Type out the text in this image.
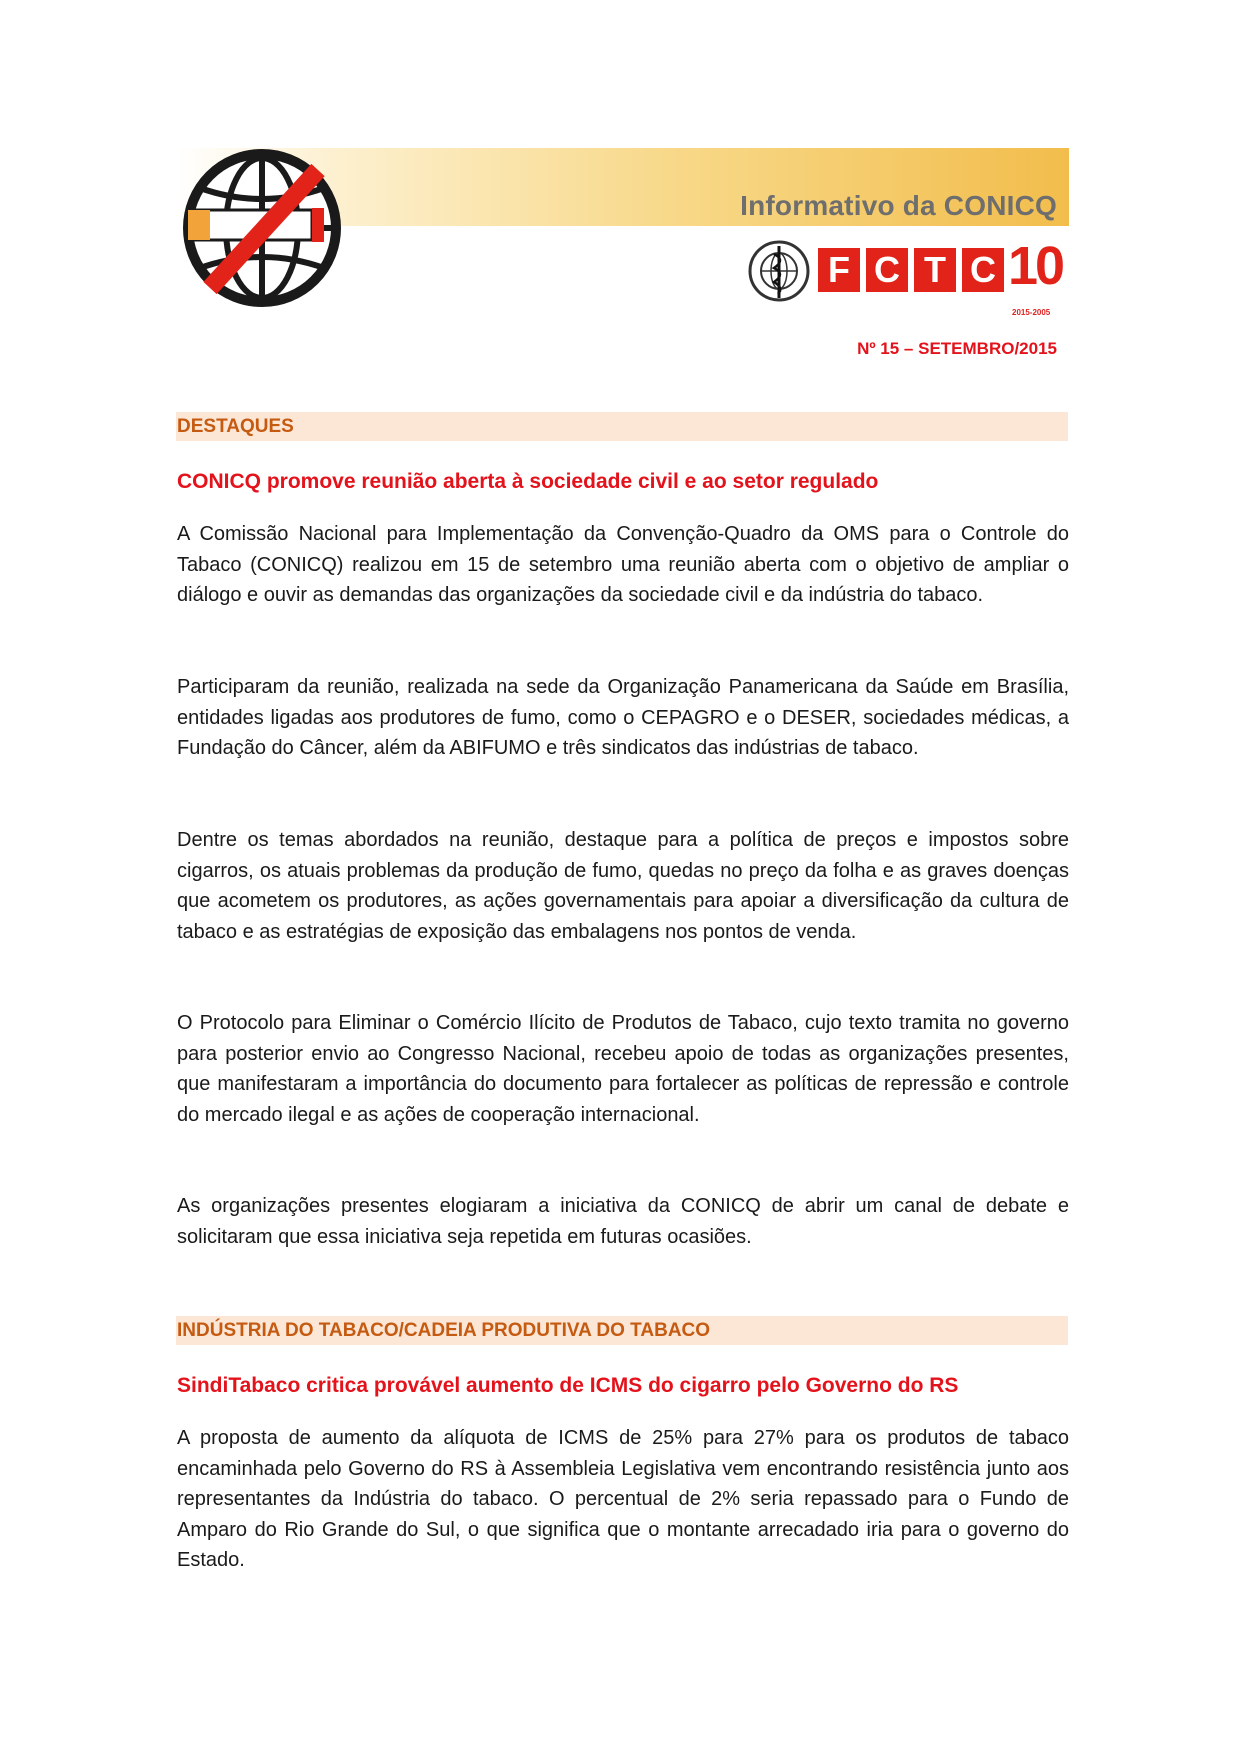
Informativo da CONICQ
F C T C 10
2015-2005
Nº 15 – SETEMBRO/2015
DESTAQUES
CONICQ promove reunião aberta à sociedade civil e ao setor regulado

A Comissão Nacional para Implementação da Convenção-Quadro da OMS para o Controle do Tabaco (CONICQ) realizou em 15 de setembro uma reunião aberta com o objetivo de ampliar o diálogo e ouvir as demandas das organizações da sociedade civil e da indústria do tabaco.

Participaram da reunião, realizada na sede da Organização Panamericana da Saúde em Brasília, entidades ligadas aos produtores de fumo, como o CEPAGRO e o DESER, sociedades médicas, a Fundação do Câncer, além da ABIFUMO e três sindicatos das indústrias de tabaco.

Dentre os temas abordados na reunião, destaque para a política de preços e impostos sobre cigarros, os atuais problemas da produção de fumo, quedas no preço da folha e as graves doenças que acometem os produtores, as ações governamentais para apoiar a diversificação da cultura de tabaco e as estratégias de exposição das embalagens nos pontos de venda.

O Protocolo para Eliminar o Comércio Ilícito de Produtos de Tabaco, cujo texto tramita no governo para posterior envio ao Congresso Nacional, recebeu apoio de todas as organizações presentes, que manifestaram a importância do documento para fortalecer as políticas de repressão e controle do mercado ilegal e as ações de cooperação internacional.

As organizações presentes elogiaram a iniciativa da CONICQ de abrir um canal de debate e solicitaram que essa iniciativa seja repetida em futuras ocasiões.

INDÚSTRIA DO TABACO/CADEIA PRODUTIVA DO TABACO
SindiTabaco critica provável aumento de ICMS do cigarro pelo Governo do RS

A proposta de aumento da alíquota de ICMS de 25% para 27% para os produtos de tabaco encaminhada pelo Governo do RS à Assembleia Legislativa vem encontrando resistência junto aos representantes da Indústria do tabaco. O percentual de 2% seria repassado para o Fundo de Amparo do Rio Grande do Sul, o que significa que o montante arrecadado iria para o governo do Estado.
